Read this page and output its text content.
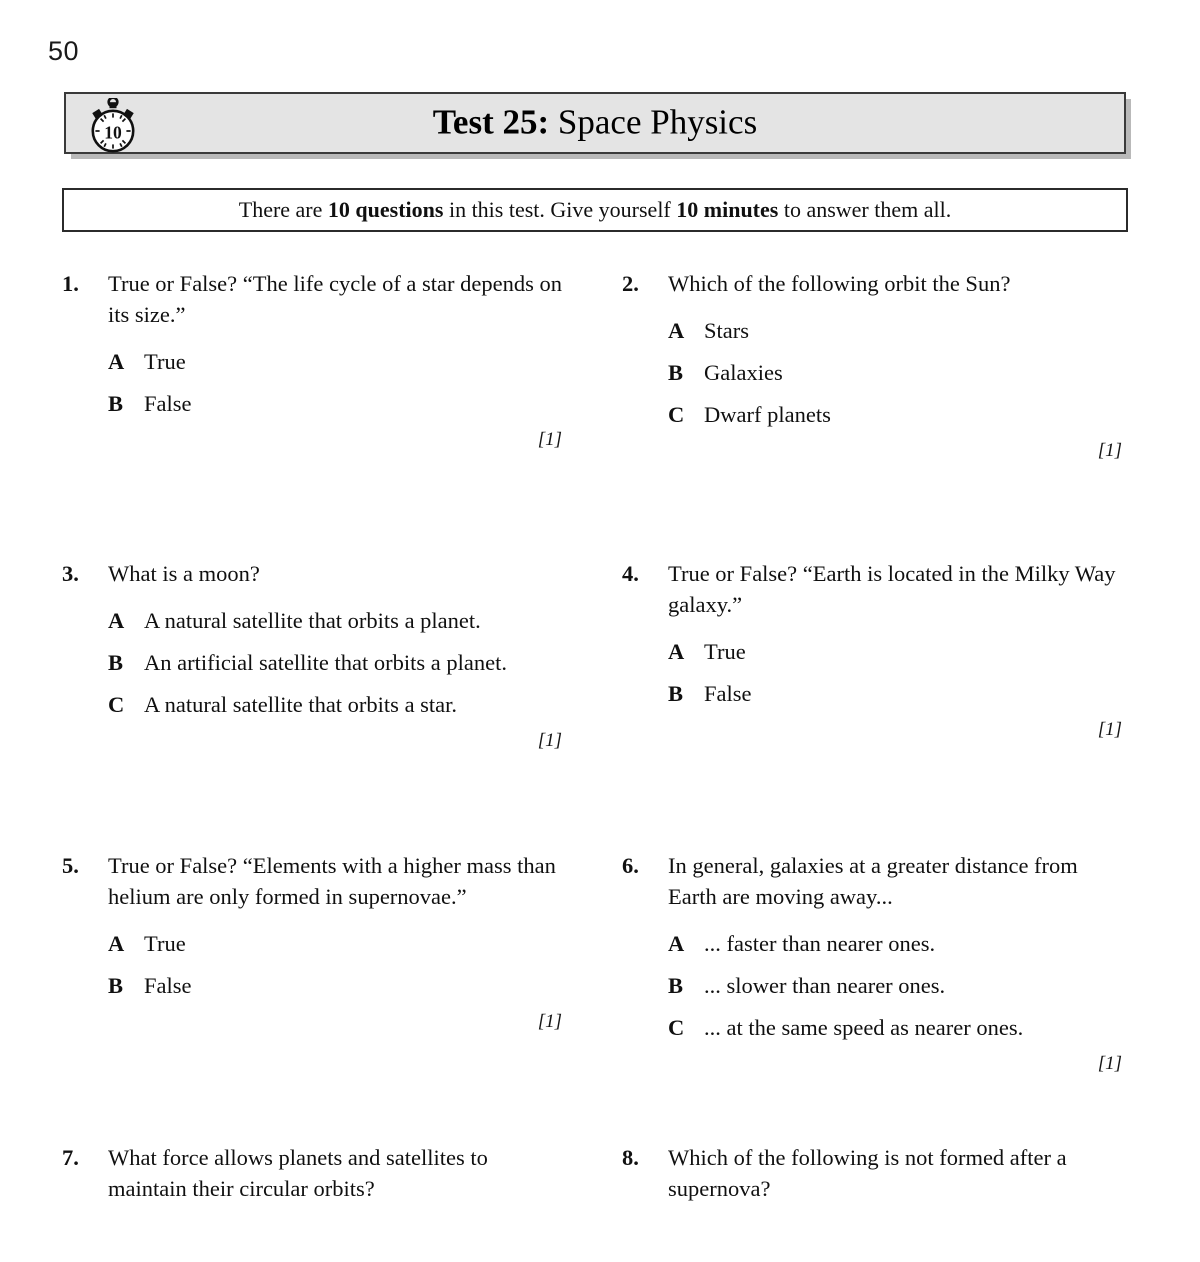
50
10	Test 25: Space Physics
There are 10 questions in this test. Give yourself 10 minutes to answer them all.
1. True or False? “The life cycle of a star depends on its size.”
A True
B False
[1]
2. Which of the following orbit the Sun?
A Stars
B Galaxies
C Dwarf planets
[1]
3. What is a moon?
A A natural satellite that orbits a planet.
B An artificial satellite that orbits a planet.
C A natural satellite that orbits a star.
[1]
4. True or False? “Earth is located in the Milky Way galaxy.”
A True
B False
[1]
5. True or False? “Elements with a higher mass than helium are only formed in supernovae.”
A True
B False
[1]
6. In general, galaxies at a greater distance from Earth are moving away...
A ... faster than nearer ones.
B ... slower than nearer ones.
C ... at the same speed as nearer ones.
[1]
7. What force allows planets and satellites to maintain their circular orbits?
8. Which of the following is not formed after a supernova?
